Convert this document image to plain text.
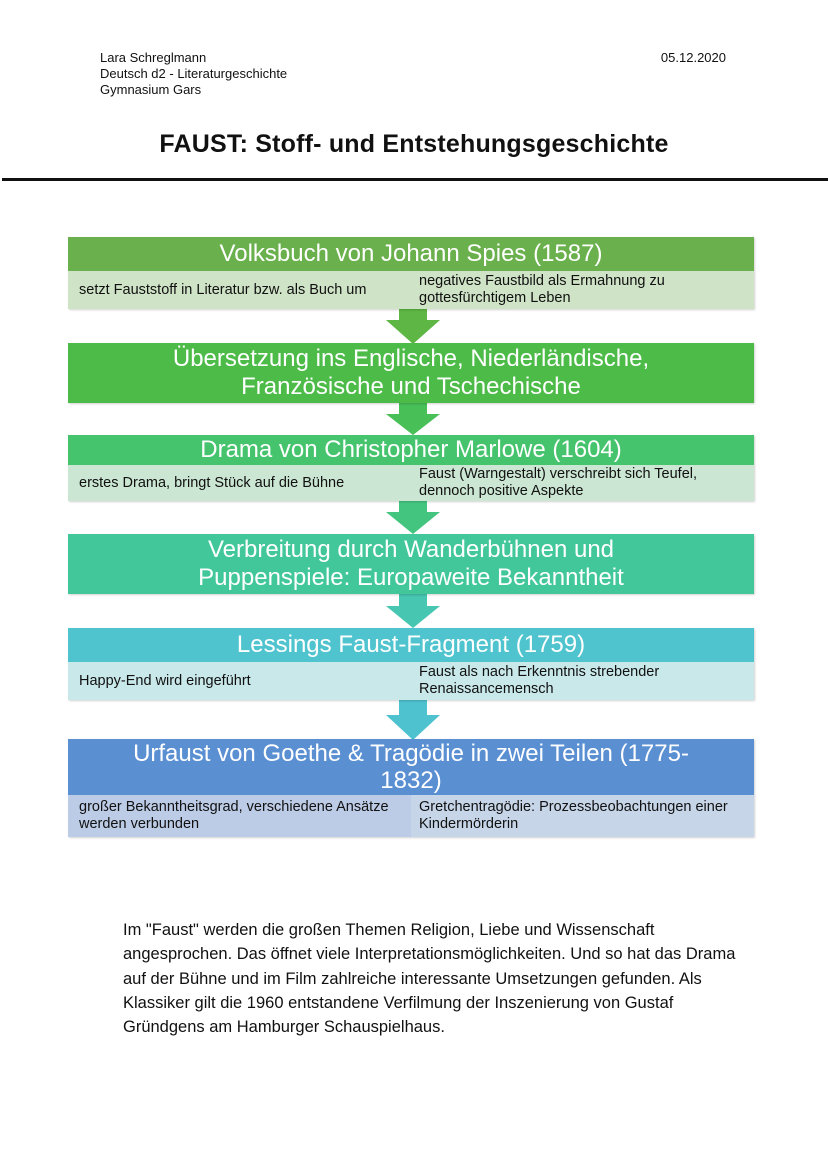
Lara Schreglmann
Deutsch d2 - Literaturgeschichte
Gymnasium Gars
05.12.2020
FAUST: Stoff- und Entstehungsgeschichte
Volksbuch von Johann Spies (1587)
setzt Fauststoff in Literatur bzw. als Buch um
negatives Faustbild als Ermahnung zu gottesfürchtigem Leben
Übersetzung ins Englische, Niederländische, Französische und Tschechische
Drama von Christopher Marlowe (1604)
erstes Drama, bringt Stück auf die Bühne
Faust (Warngestalt) verschreibt sich Teufel, dennoch positive Aspekte
Verbreitung durch Wanderbühnen und Puppenspiele: Europaweite Bekanntheit
Lessings Faust-Fragment (1759)
Happy-End wird eingeführt
Faust als nach Erkenntnis strebender Renaissancemensch
Urfaust von Goethe & Tragödie in zwei Teilen (1775-1832)
großer Bekanntheitsgrad, verschiedene Ansätze werden verbunden
Gretchentragödie: Prozessbeobachtungen einer Kindermörderin
Im "Faust" werden die großen Themen Religion, Liebe und Wissenschaft angesprochen. Das öffnet viele Interpretationsmöglichkeiten. Und so hat das Drama auf der Bühne und im Film zahlreiche interessante Umsetzungen gefunden. Als Klassiker gilt die 1960 entstandene Verfilmung der Inszenierung von Gustaf Gründgens am Hamburger Schauspielhaus.
